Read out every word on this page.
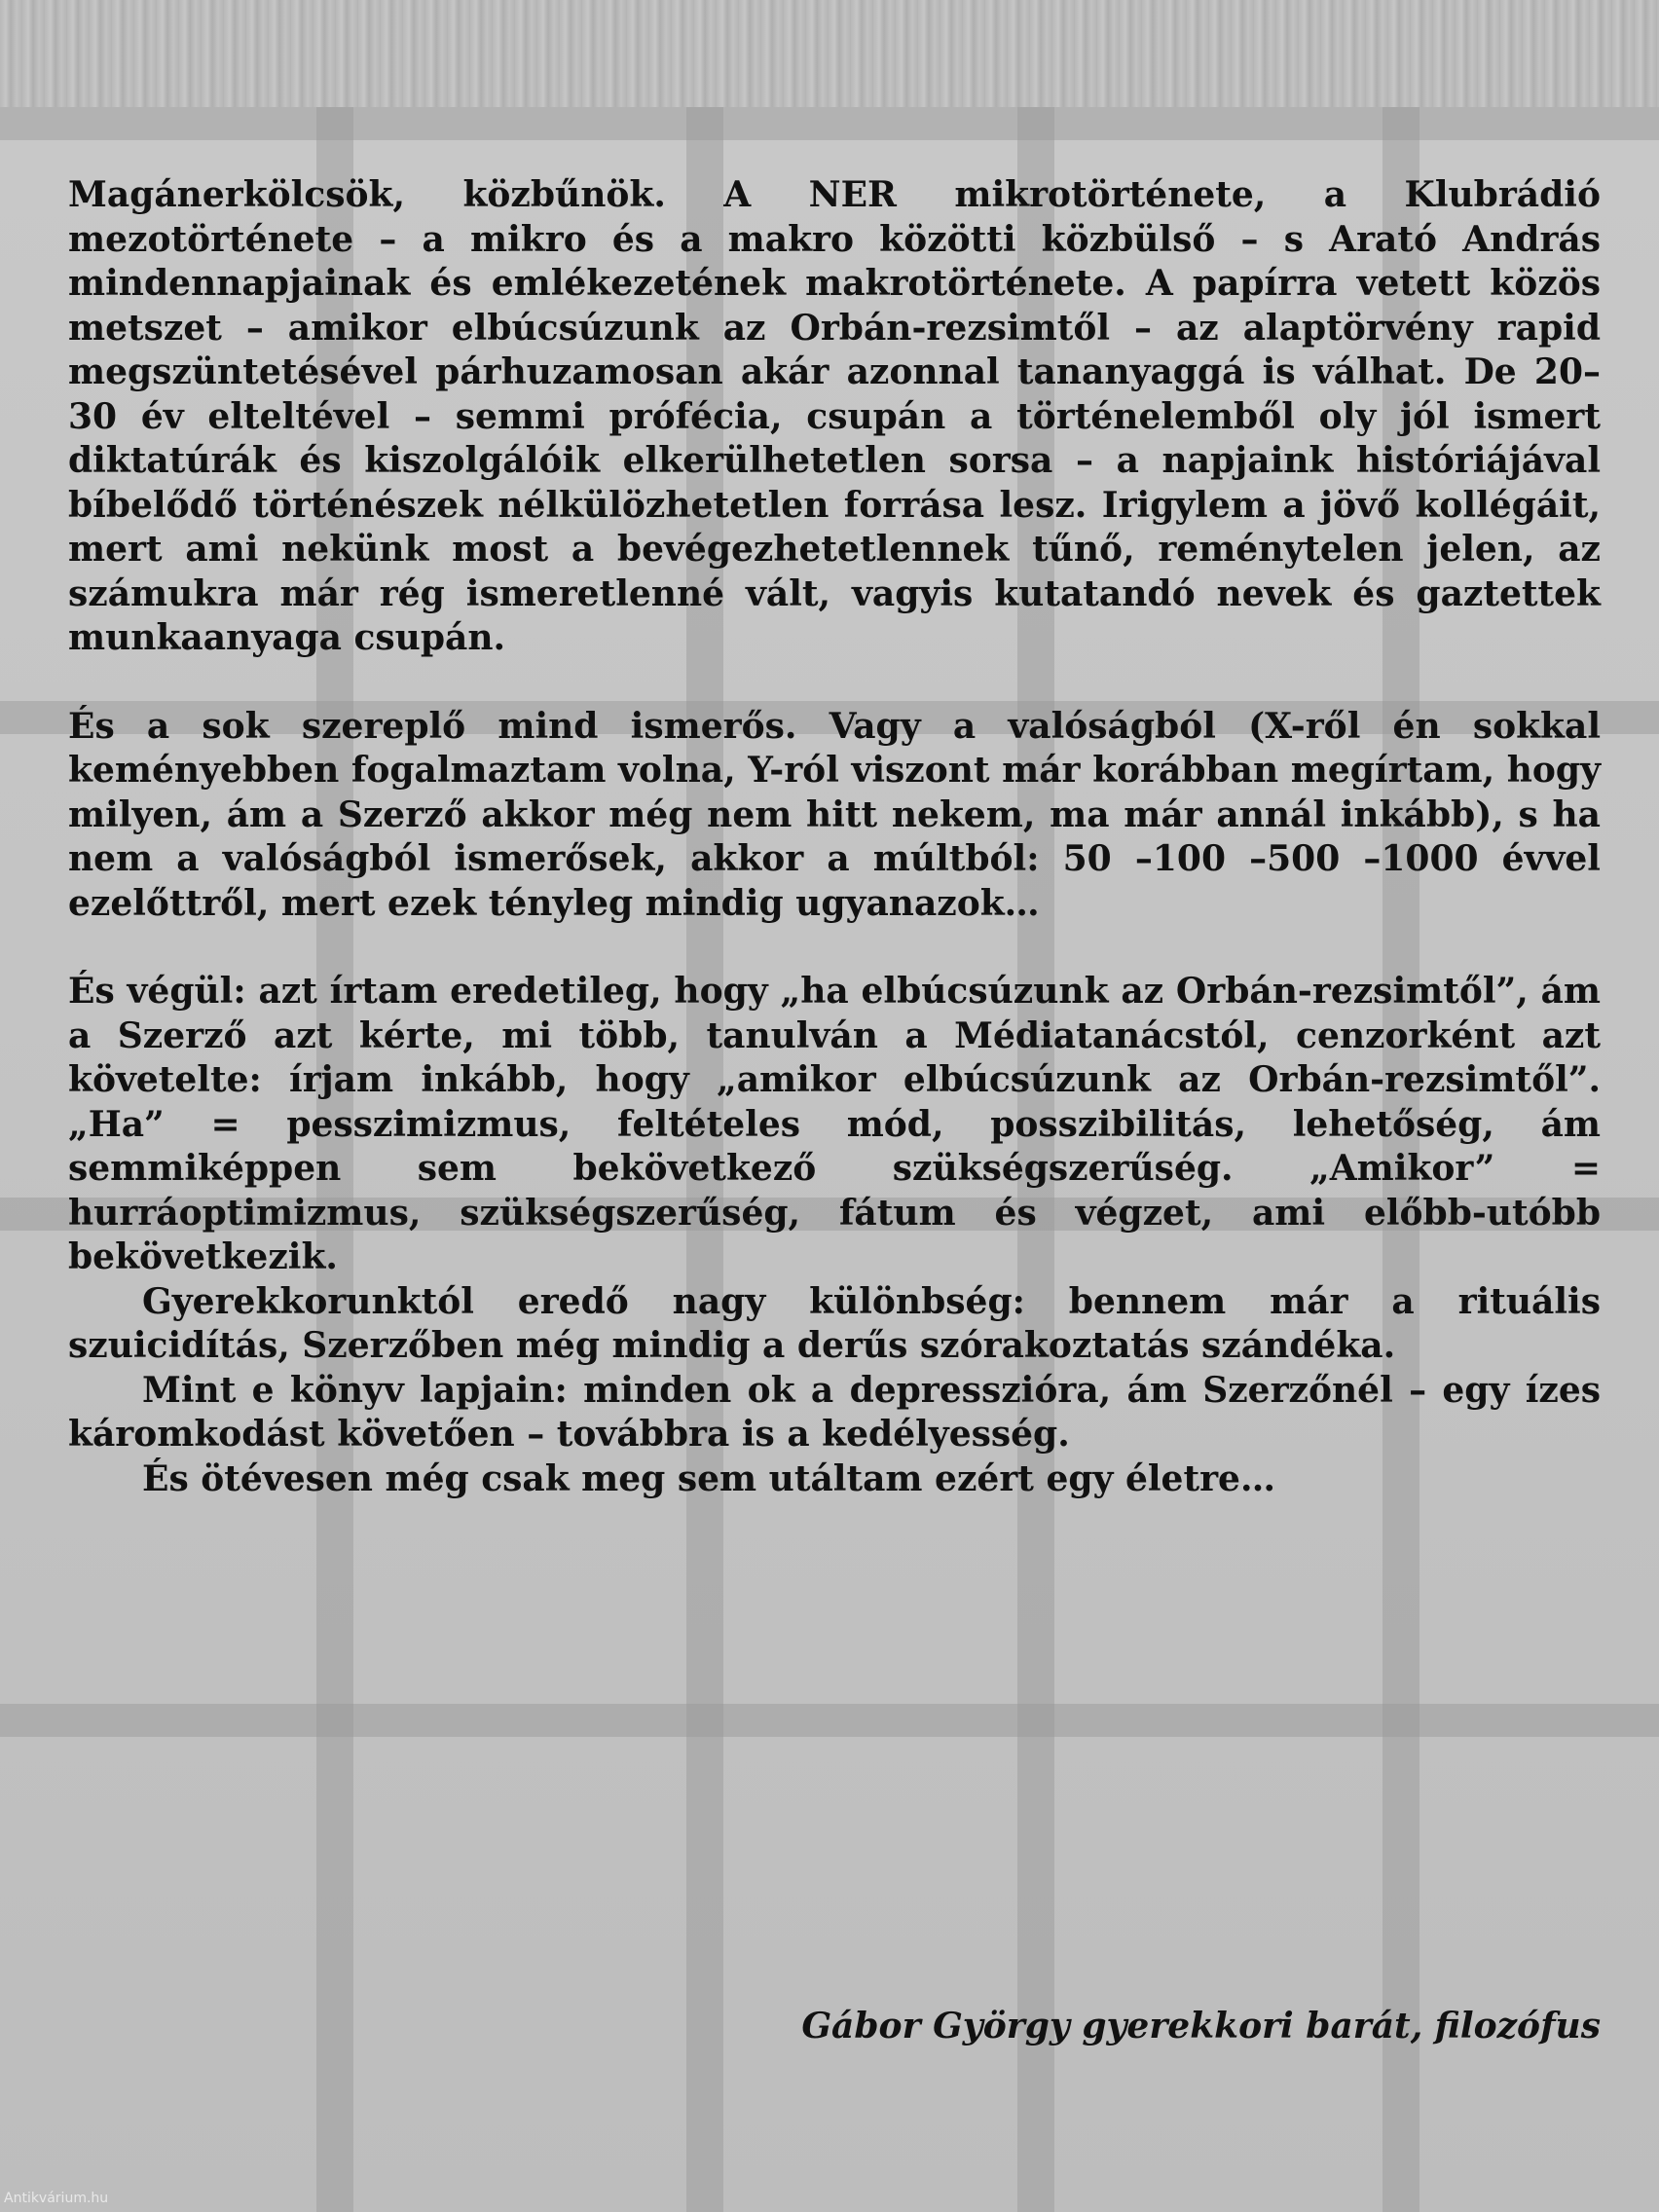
Magánerkölcsök, közbűnök. A NER mikrotörténete, a Klubrádió mezotörténete – a mikro és a makro közötti közbülső – s Arató András mindennapjainak és emlékezetének makrotörténete. A papírra vetett közös metszet – amikor elbúcsúzunk az Orbán-rezsimtől – az alaptörvény rapid megszüntetésével párhuzamosan akár azonnal tananyaggá is válhat. De 20–30 év elteltével – semmi prófécia, csupán a történelemből oly jól ismert diktatúrák és kiszolgálóik elkerülhetetlen sorsa – a napjaink históriájával bíbelődő történészek nélkülözhetetlen forrása lesz. Irigylem a jövő kollégáit, mert ami nekünk most a bevégezhetetlennek tűnő, reménytelen jelen, az számukra már rég ismeretlenné vált, vagyis kutatandó nevek és gaztettek munkaanyaga csupán.

És a sok szereplő mind ismerős. Vagy a valóságból (X-ről én sokkal keményebben fogalmaztam volna, Y-ról viszont már korábban megírtam, hogy milyen, ám a Szerző akkor még nem hitt nekem, ma már annál inkább), s ha nem a valóságból ismerősek, akkor a múltból: 50 –100 –500 –1000 évvel ezelőttről, mert ezek tényleg mindig ugyanazok…

És végül: azt írtam eredetileg, hogy „ha elbúcsúzunk az Orbán-rezsimtől”, ám a Szerző azt kérte, mi több, tanulván a Médiatanácstól, cenzorként azt követelte: írjam inkább, hogy „amikor elbúcsúzunk az Orbán-rezsimtől”. „Ha” = pesszimizmus, feltételes mód, posszibilitás, lehetőség, ám semmiképpen sem bekövetkező szükségszerűség. „Amikor” = hurráoptimizmus, szükségszerűség, fátum és végzet, ami előbb-utóbb bekövetkezik.

Gyerekkorunktól eredő nagy különbség: bennem már a rituális szuicidítás, Szerzőben még mindig a derűs szórakoztatás szándéka.

Mint e könyv lapjain: minden ok a depresszióra, ám Szerzőnél – egy ízes káromkodást követően – továbbra is a kedélyesség.

És ötévesen még csak meg sem utáltam ezért egy életre…

Gábor György gyerekkori barát, filozófus
Antikvárium.hu
